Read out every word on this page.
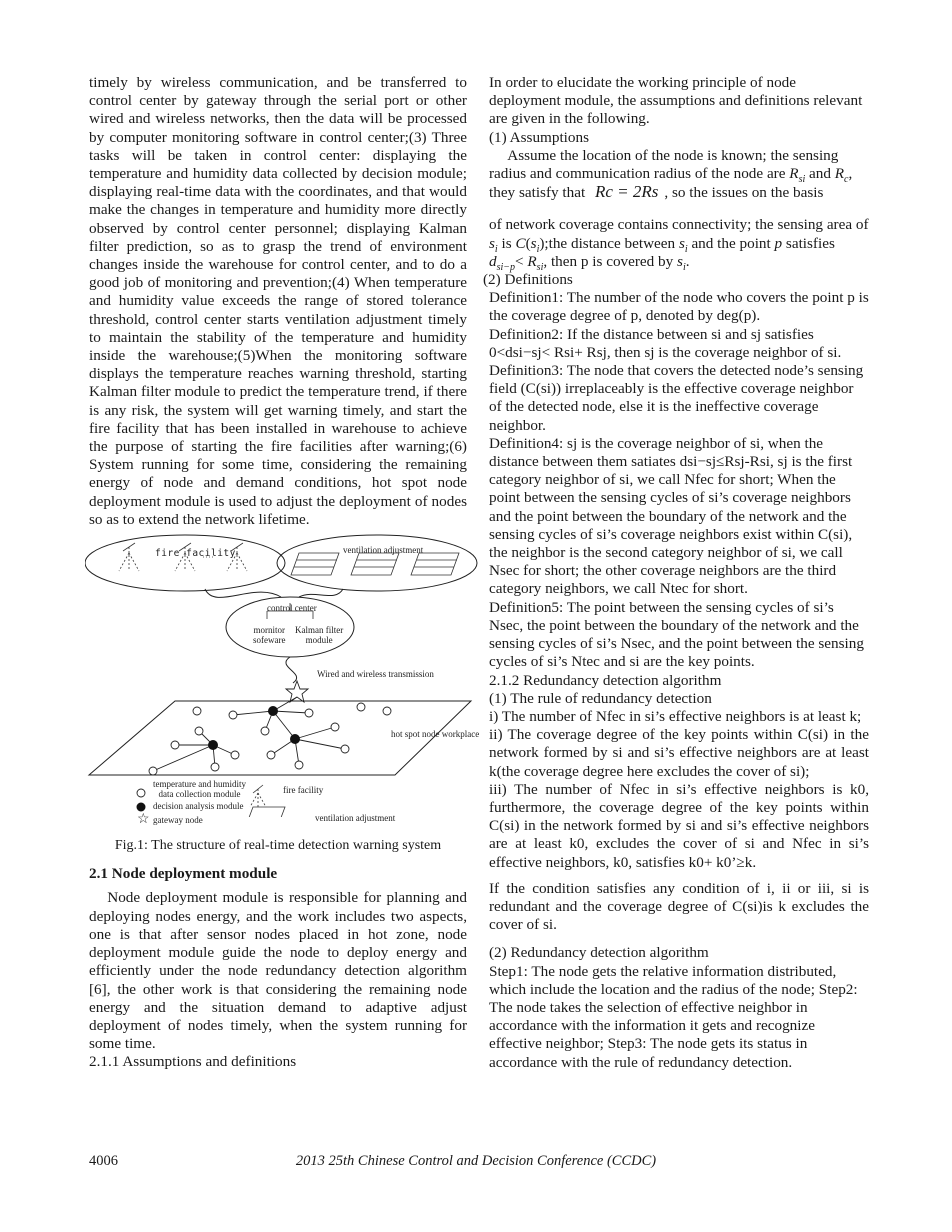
timely by wireless communication, and be transferred to control center by gateway through the serial port or other wired and wireless networks, then the data will be processed by computer monitoring software in control center;(3) Three tasks will be taken in control center: displaying the temperature and humidity data collected by decision module; displaying real-time data with the coordinates, and that would make the changes in temperature and humidity more directly observed by control center personnel; displaying Kalman filter prediction, so as to grasp the trend of environment changes inside the warehouse for control center, and to do a good job of monitoring and prevention;(4) When temperature and humidity value exceeds the range of stored tolerance threshold, control center starts ventilation adjustment timely to maintain the stability of the temperature and humidity inside the warehouse;(5)When the monitoring software displays the temperature reaches warning threshold, starting Kalman filter module to predict the temperature trend, if there is any risk, the system will get warning timely, and start the fire facility that has been installed in warehouse to achieve the purpose of starting the fire facilities after warning;(6) System running for some time, considering the remaining energy of node and demand conditions, hot spot node deployment module is used to adjust the deployment of nodes so as to extend the network lifetime.

fire facility	ventilation adjustment
control center
mornitor
sofeware
Kalman filter
module
Wired and wireless transmission
hot spot node workplace
temperature and humidity
data collection module
decision analysis module
fire facility
ventilation adjustment
☆ gateway node

Fig.1: The structure of real-time detection warning system

2.1 Node deployment module

Node deployment module is responsible for planning and deploying nodes energy, and the work includes two aspects, one is that after sensor nodes placed in hot zone, node deployment module guide the node to deploy energy and efficiently under the node redundancy detection algorithm [6], the other work is that considering the remaining node energy and the situation demand to adaptive adjust deployment of nodes timely, when the system running for some time.

2.1.1 Assumptions and definitions

In order to elucidate the working principle of node deployment module, the assumptions and definitions relevant are given in the following.

(1) Assumptions

Assume the location of the node is known; the sensing radius and communication radius of the node are $R_{si}$ and $R_c$, they satisfy that Rc = 2Rs , so the issues on the basis

of network coverage contains connectivity; the sensing area of $s_i$ is $C(s_i);the$ distance between $s_i$ and the point p satisfies $d_{si-p}< R_{si}$, then p is covered by $s_i$.

(2) Definitions

Definition1: The number of the node who covers the point p is the coverage degree of p, denoted by deg(p).

Definition2: If the distance between si and sj satisfies 0<dsi−sj< Rsi+ Rsj, then sj is the coverage neighbor of si.

Definition3: The node that covers the detected node’s sensing field (C(si)) irreplaceably is the effective coverage neighbor of the detected node, else it is the ineffective coverage neighbor.

Definition4: sj is the coverage neighbor of si, when the distance between them satiates dsi−sj≤Rsj-Rsi, sj is the first category neighbor of si, we call Nfec for short; When the point between the sensing cycles of si’s coverage neighbors and the point between the boundary of the network and the sensing cycles of si’s coverage neighbors exist within C(si), the neighbor is the second category neighbor of si, we call Nsec for short; the other coverage neighbors are the third category neighbors, we call Ntec for short.

Definition5: The point between the sensing cycles of si’s Nsec, the point between the boundary of the network and the sensing cycles of si’s Nsec, and the point between the sensing cycles of si’s Ntec and si are the key points.

2.1.2 Redundancy detection algorithm

(1) The rule of redundancy detection

i) The number of Nfec in si’s effective neighbors is at least k;

ii) The coverage degree of the key points within C(si) in the network formed by si and si’s effective neighbors are at least k(the coverage degree here excludes the cover of si);

iii) The number of Nfec in si’s effective neighbors is k0, furthermore, the coverage degree of the key points within C(si) in the network formed by si and si’s effective neighbors are at least k0, excludes the cover of si and Nfec in si’s effective neighbors, k0, satisfies k0+ k0’≥k.

If the condition satisfies any condition of i, ii or iii, si is redundant and the coverage degree of C(si)is k excludes the cover of si.

(2) Redundancy detection algorithm

Step1: The node gets the relative information distributed, which include the location and the radius of the node; Step2: The node takes the selection of effective neighbor in accordance with the information it gets and recognize effective neighbor; Step3: The node gets its status in accordance with the rule of redundancy detection.

2013 25th Chinese Control and Decision Conference (CCDC)
4006
